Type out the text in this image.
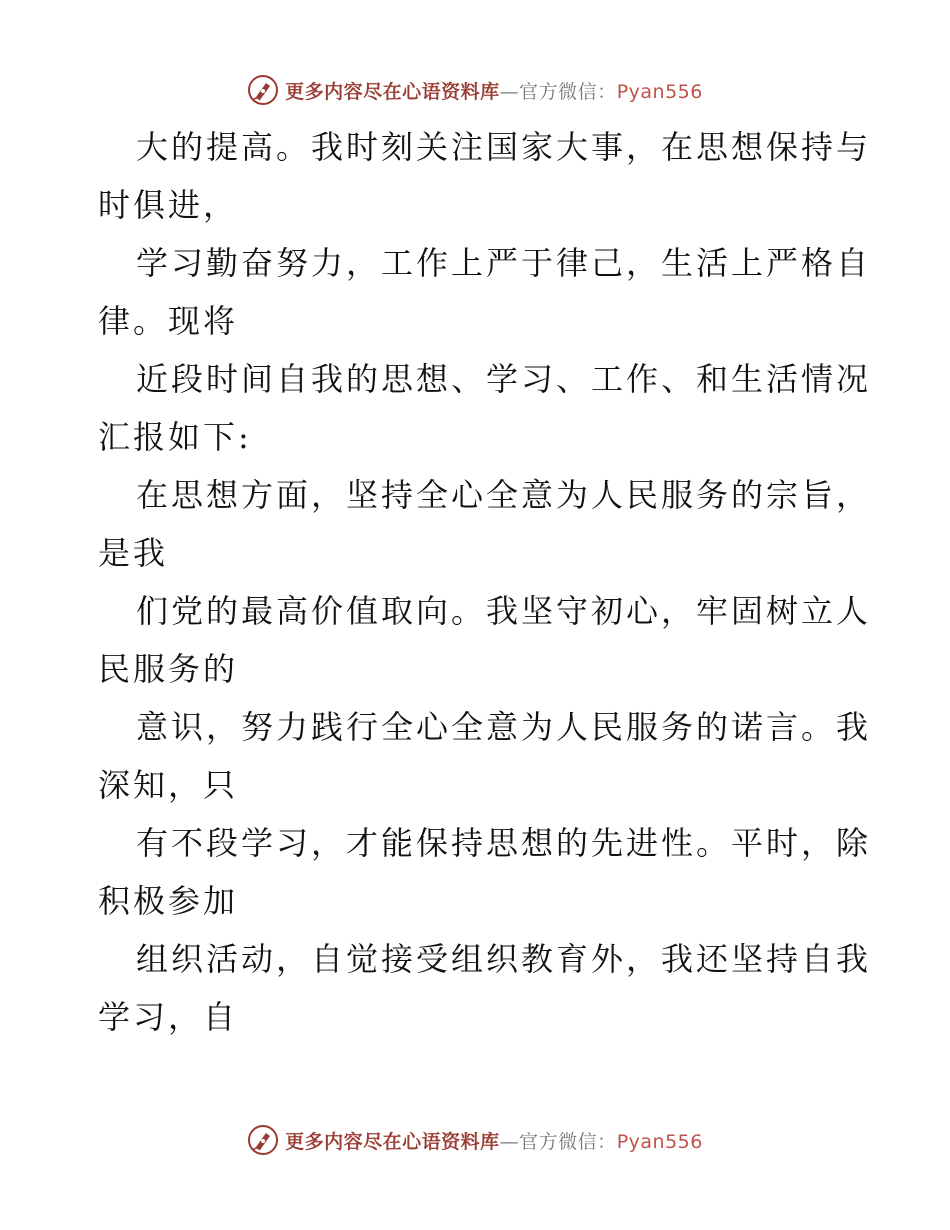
更多内容尽在心语资料库—官方微信：Pyan556
大的提高。我时刻关注国家大事，在思想保持与
时俱进，
学习勤奋努力，工作上严于律己，生活上严格自
律。现将
近段时间自我的思想、学习、工作、和生活情况
汇报如下:
在思想方面，坚持全心全意为人民服务的宗旨，
是我
们党的最高价值取向。我坚守初心，牢固树立人
民服务的
意识，努力践行全心全意为人民服务的诺言。我
深知，只
有不段学习，才能保持思想的先进性。平时，除
积极参加
组织活动，自觉接受组织教育外，我还坚持自我
学习，自
更多内容尽在心语资料库—官方微信：Pyan556
